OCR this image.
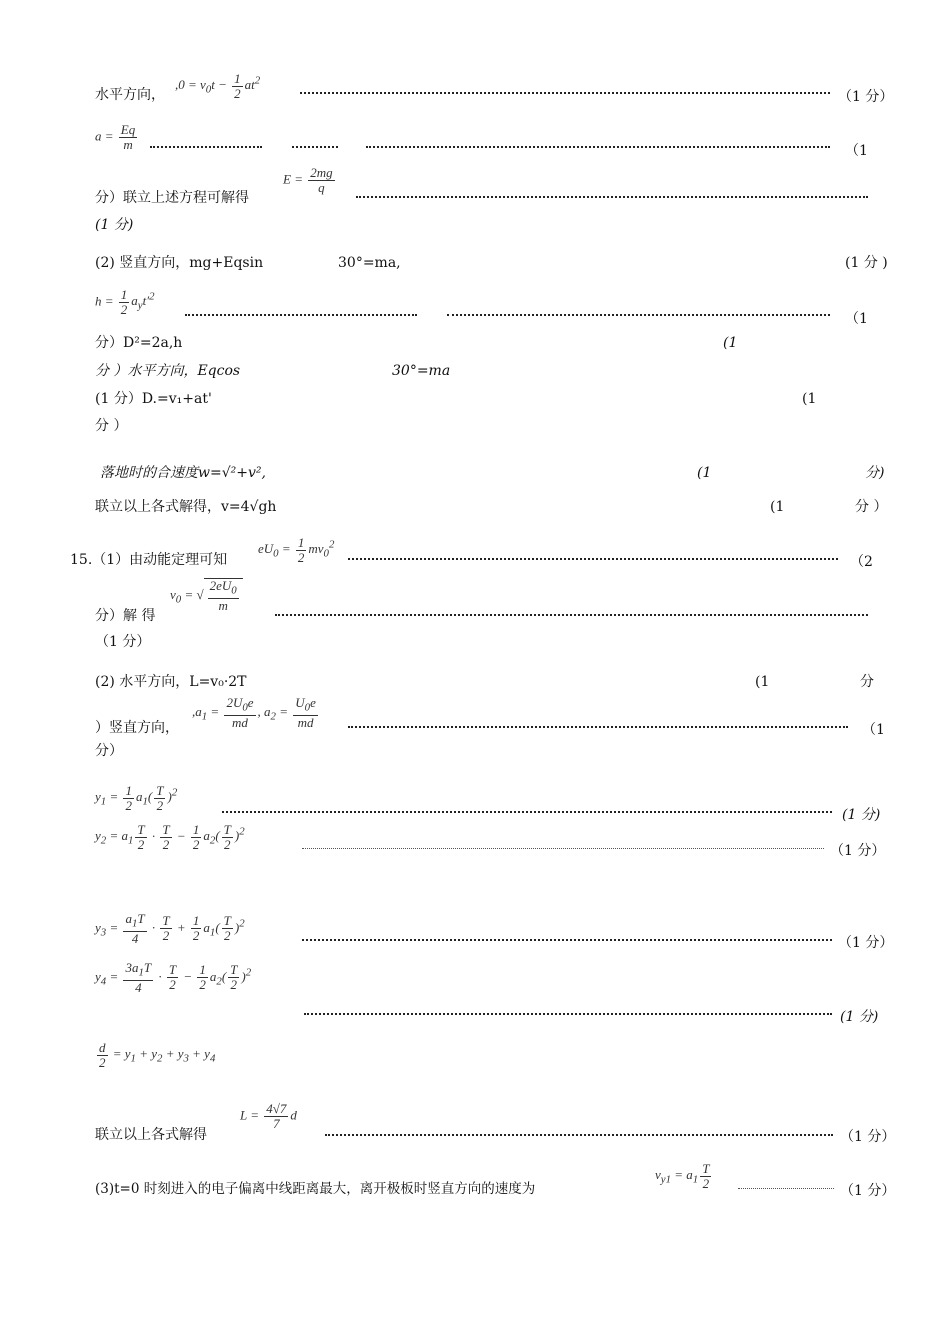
水平方向，
$,0 = v_0t - \frac{1}{2} at^2$
（1 分）
$a = \frac{Eq}{m}$	（1
分）联立上述方程可解得
$E = \frac{2mg}{q}$
(1 分)
(2) 竖直方向，mg+Eqsin	30°=ma,	(1 分 )
$h = \frac{1}{2} a_yt'^2$
（1
分）D²=2a,h	(1
分 ）水平方向，Eqcos	30°=ma
(1 分）D.=v₁+at'	(1
分 ）
落地时的合速度w=√²+v²,	(1	分)
联立以上各式解得，v=4√gh	(1	分 ）
15.（1）由动能定理可知
$eU_0 = \frac{1}{2} mv_0^2$
（2
分）解 得
$v_0$ = √ $\frac{2eU_0}{m}$
（1 分）
(2) 水平方向，L=v₀·2T	(1	分
）竖直方向，
$,a_1 = \frac{2U_0e}{md}$ , $a_2 = \frac{U_0e}{md}$
（1
分）
$y_1 = \frac{1}{2} a_1( \frac{T}{2} )^2$
(1 分)
$y_2 = a_1 \frac{T}{2} \cdot \frac{T}{2} - \frac{1}{2} a_2( \frac{T}{2} )^2$
（1 分）
$y_3 = \frac{a_1T}{4} \cdot \frac{T}{2} + \frac{1}{2} a_1( \frac{T}{2} )^2$
（1 分）
$y_4 = \frac{3a_1T}{4} \cdot \frac{T}{2} - \frac{1}{2} a_2( \frac{T}{2} )^2$
(1 分)
$\frac{d}{2} = y_1 + y_2 + y_3 + y_4$
联立以上各式解得
$L = \frac{4√7}{7}$ d
（1 分）
(3)t=0 时刻进入的电子偏离中线距离最大，离开极板时竖直方向的速度为
$v_{y1} = a_1 \frac{T}{2}$	（1 分）
